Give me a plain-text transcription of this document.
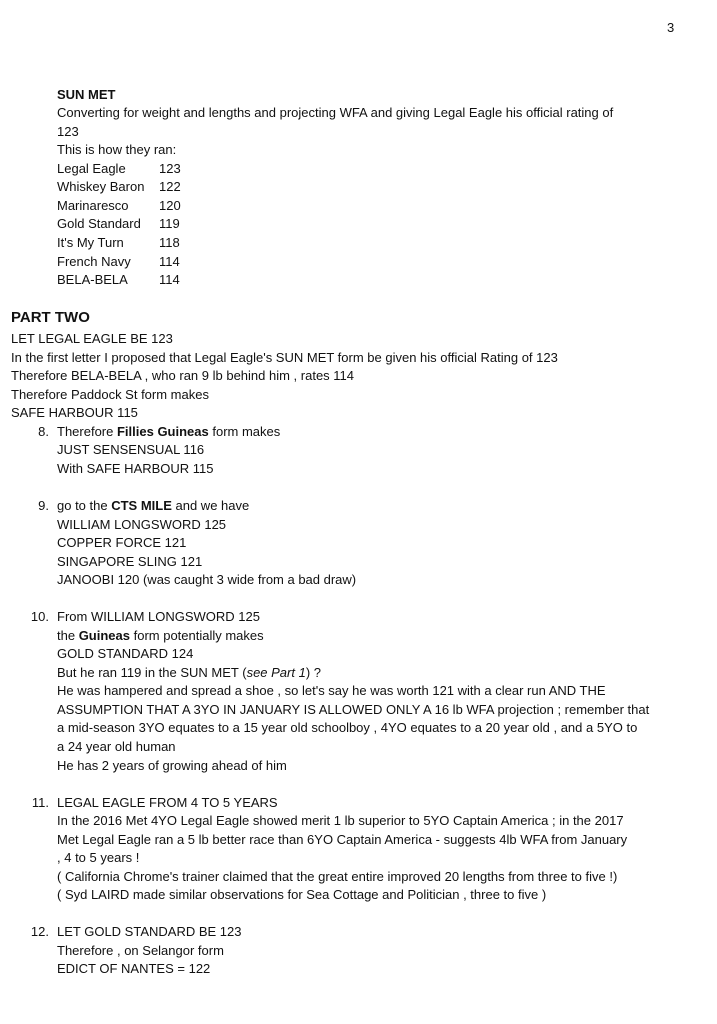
3
SUN MET
Converting for weight and lengths and projecting WFA and giving Legal Eagle his official rating of
123
This is how they ran:
Legal Eagle	123
Whiskey Baron 122
Marinaresco 120
Gold Standard 119
It's My Turn	118
French Navy 114
BELA-BELA 114
PART TWO
LET LEGAL EAGLE BE 123
In the first letter I proposed that Legal Eagle's SUN MET form be given his official Rating of 123
Therefore BELA-BELA , who ran 9 lb behind him , rates 114
Therefore Paddock St form makes
SAFE HARBOUR 115
8. Therefore Fillies Guineas form makes
JUST SENSENSUAL 116
With SAFE HARBOUR 115
9. go to the CTS MILE and we have
WILLIAM LONGSWORD 125
COPPER FORCE 121
SINGAPORE SLING 121
JANOOBI 120 (was caught 3 wide from a bad draw)
10. From WILLIAM LONGSWORD 125
the Guineas form potentially makes
GOLD STANDARD 124
But he ran 119 in the SUN MET (see Part 1) ?
He was hampered and spread a shoe , so let's say he was worth 121 with a clear run AND THE
ASSUMPTION THAT A 3YO IN JANUARY IS ALLOWED ONLY A 16 lb WFA projection ; remember that
a mid-season 3YO equates to a 15 year old schoolboy , 4YO equates to a 20 year old , and a 5YO to
a 24 year old human
He has 2 years of growing ahead of him
11. LEGAL EAGLE FROM 4 TO 5 YEARS
In the 2016 Met 4YO Legal Eagle showed merit 1 lb superior to 5YO Captain America ; in the 2017
Met Legal Eagle ran a 5 lb better race than 6YO Captain America - suggests 4lb WFA from January
, 4 to 5 years !
( California Chrome's trainer claimed that the great entire improved 20 lengths from three to five !)
( Syd LAIRD made similar observations for Sea Cottage and Politician , three to five )
12. LET GOLD STANDARD BE 123
Therefore , on Selangor form
EDICT OF NANTES = 122
